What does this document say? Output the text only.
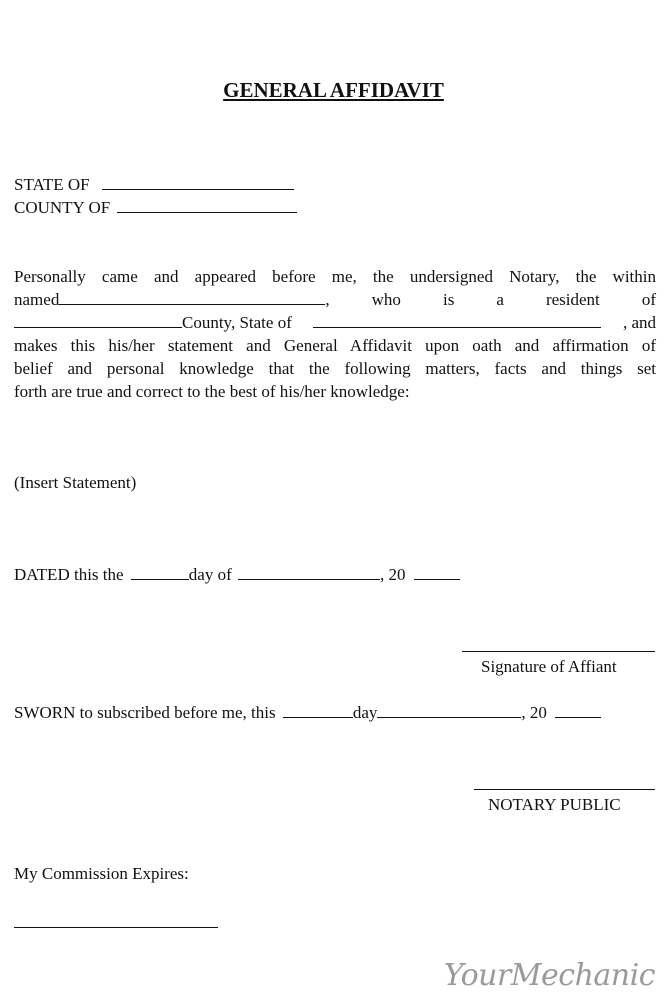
GENERAL AFFIDAVIT
STATE OF
COUNTY OF
Personally came and appeared before me, the undersigned Notary, the within
named	, who is a resident of
County, State of	, and
makes this his/her statement and General Affidavit upon oath and affirmation of
belief and personal knowledge that the following matters, facts and things set
forth are true and correct to the best of his/her knowledge:
(Insert Statement)
DATED this the	day of	, 20
Signature of Affiant
SWORN to subscribed before me, this	day	, 20
NOTARY PUBLIC
My Commission Expires:
YourMechanic
